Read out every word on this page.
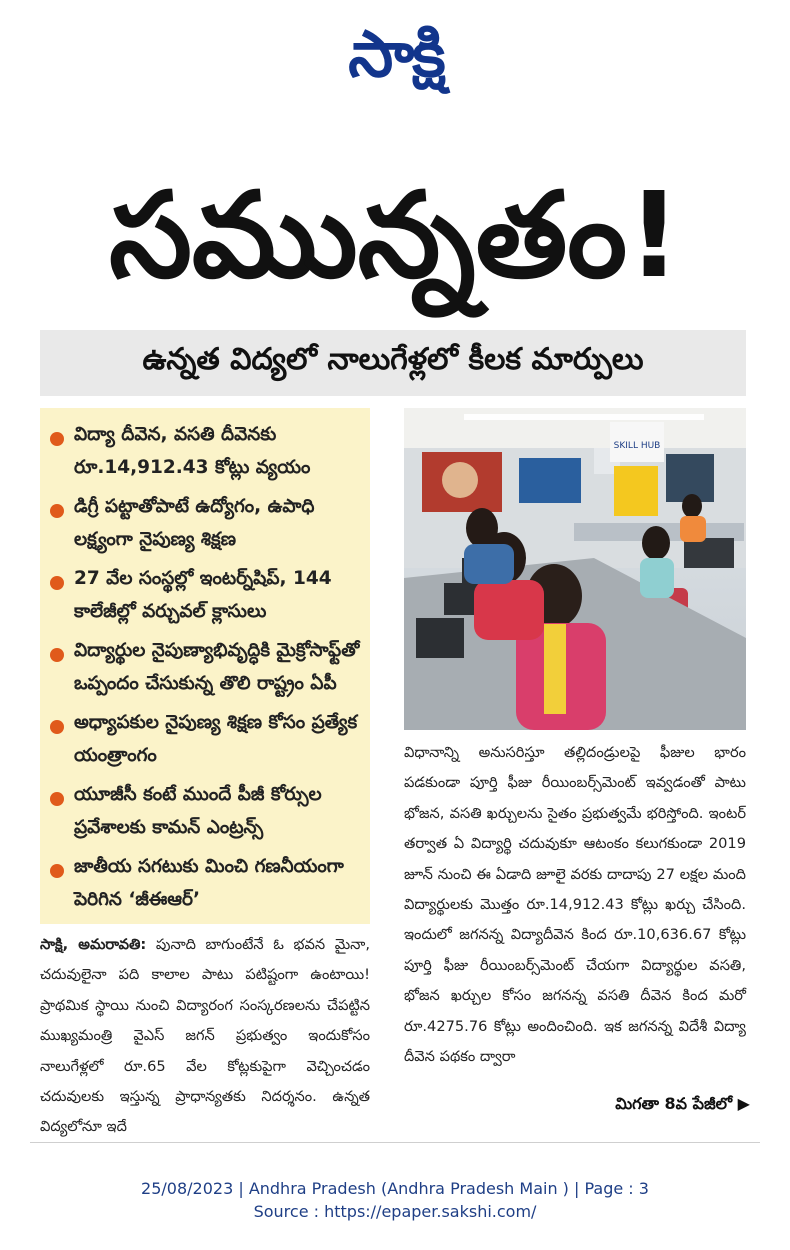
సాక్షి
సమున్నతం!
ఉన్నత విద్యలో నాలుగేళ్లలో కీలక మార్పులు
విద్యా దీవెన, వసతి దీవెనకు రూ.14,912.43 కోట్లు వ్యయం
డిగ్రీ పట్టాతోపాటే ఉద్యోగం, ఉపాధి లక్ష్యంగా నైపుణ్య శిక్షణ
27 వేల సంస్థల్లో ఇంటర్న్‌షిప్, 144 కాలేజీల్లో వర్చువల్ క్లాసులు
విద్యార్థుల నైపుణ్యాభివృద్ధికి మైక్రోసాఫ్ట్‌తో ఒప్పందం చేసుకున్న తొలి రాష్ట్రం ఏపీ
అధ్యాపకుల నైపుణ్య శిక్షణ కోసం ప్రత్యేక యంత్రాంగం
యూజీసీ కంటే ముందే పీజీ కోర్సుల ప్రవేశాలకు కామన్ ఎంట్రన్స్
జాతీయ సగటుకు మించి గణనీయంగా పెరిగిన ‘జీఈఆర్’
SKILL HUB
సాక్షి, అమరావతి: పునాది బాగుంటేనే ఓ భవన మైనా, చదువులైనా పది కాలాల పాటు పటిష్టంగా ఉంటాయి! ప్రాథమిక స్థాయి నుంచి విద్యారంగ సంస్కరణలను చేపట్టిన ముఖ్యమంత్రి వైఎస్ జగన్ ప్రభుత్వం ఇందుకోసం నాలుగేళ్లలో రూ.65 వేల కోట్లకుపైగా వెచ్చించడం చదువులకు ఇస్తున్న ప్రాధాన్యతకు నిదర్శనం. ఉన్నత విద్యలోనూ ఇదే
విధానాన్ని అనుసరిస్తూ తల్లిదండ్రులపై ఫీజుల భారం పడకుండా పూర్తి ఫీజు రీయింబర్స్‌మెంట్ ఇవ్వడంతో పాటు భోజన, వసతి ఖర్చులను సైతం ప్రభుత్వమే భరిస్తోంది. ఇంటర్ తర్వాత ఏ విద్యార్థి చదువుకూ ఆటంకం కలుగకుండా 2019 జూన్ నుంచి ఈ ఏడాది జూలై వరకు దాదాపు 27 లక్షల మంది విద్యార్థులకు మొత్తం రూ.14,912.43 కోట్లు ఖర్చు చేసింది. ఇందులో జగనన్న విద్యాదీవెన కింద రూ.10,636.67 కోట్లు పూర్తి ఫీజు రీయింబర్స్‌మెంట్ చేయగా విద్యార్థుల వసతి, భోజన ఖర్చుల కోసం జగనన్న వసతి దీవెన కింద మరో రూ.4275.76 కోట్లు అందించింది. ఇక జగనన్న విదేశీ విద్యా దీవెన పథకం ద్వారా
మిగతా 8వ పేజీలో ▶
25/08/2023 | Andhra Pradesh (Andhra Pradesh Main ) | Page : 3
Source : https://epaper.sakshi.com/
